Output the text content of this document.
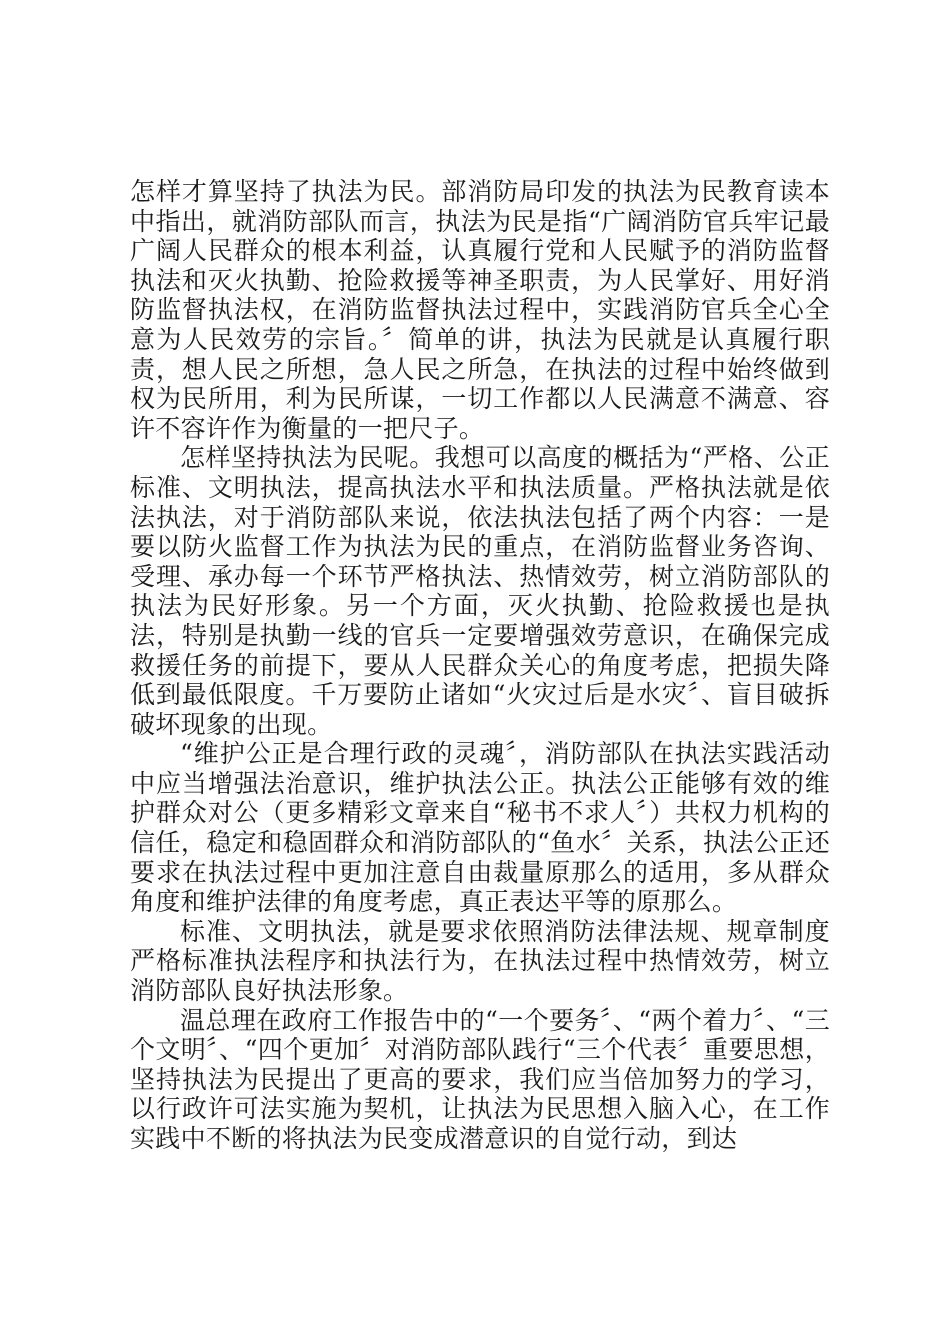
怎样才算坚持了执法为民。部消防局印发的执法为民教育读本中指出，就消防部队而言，执法为民是指“广阔消防官兵牢记最广阔人民群众的根本利益，认真履行党和人民赋予的消防监督执法和灭火执勤、抢险救援等神圣职责，为人民掌好、用好消防监督执法权，在消防监督执法过程中，实践消防官兵全心全意为人民效劳的宗旨。〞简单的讲，执法为民就是认真履行职责，想人民之所想，急人民之所急，在执法的过程中始终做到权为民所用，利为民所谋，一切工作都以人民满意不满意、容许不容许作为衡量的一把尺子。

怎样坚持执法为民呢。我想可以高度的概括为“严格、公正标准、文明执法，提高执法水平和执法质量。严格执法就是依法执法，对于消防部队来说，依法执法包括了两个内容：一是要以防火监督工作为执法为民的重点，在消防监督业务咨询、受理、承办每一个环节严格执法、热情效劳，树立消防部队的执法为民好形象。另一个方面，灭火执勤、抢险救援也是执法，特别是执勤一线的官兵一定要增强效劳意识，在确保完成救援任务的前提下，要从人民群众关心的角度考虑，把损失降低到最低限度。千万要防止诸如“火灾过后是水灾〞、盲目破拆破坏现象的出现。

“维护公正是合理行政的灵魂〞，消防部队在执法实践活动中应当增强法治意识，维护执法公正。执法公正能够有效的维护群众对公（更多精彩文章来自“秘书不求人〞）共权力机构的信任，稳定和稳固群众和消防部队的“鱼水〞关系，执法公正还要求在执法过程中更加注意自由裁量原那么的适用，多从群众角度和维护法律的角度考虑，真正表达平等的原那么。

标准、文明执法，就是要求依照消防法律法规、规章制度严格标准执法程序和执法行为，在执法过程中热情效劳，树立消防部队良好执法形象。

温总理在政府工作报告中的“一个要务〞、“两个着力〞、“三个文明〞、“四个更加〞对消防部队践行“三个代表〞重要思想，坚持执法为民提出了更高的要求，我们应当倍加努力的学习，以行政许可法实施为契机，让执法为民思想入脑入心，在工作实践中不断的将执法为民变成潜意识的自觉行动，到达
